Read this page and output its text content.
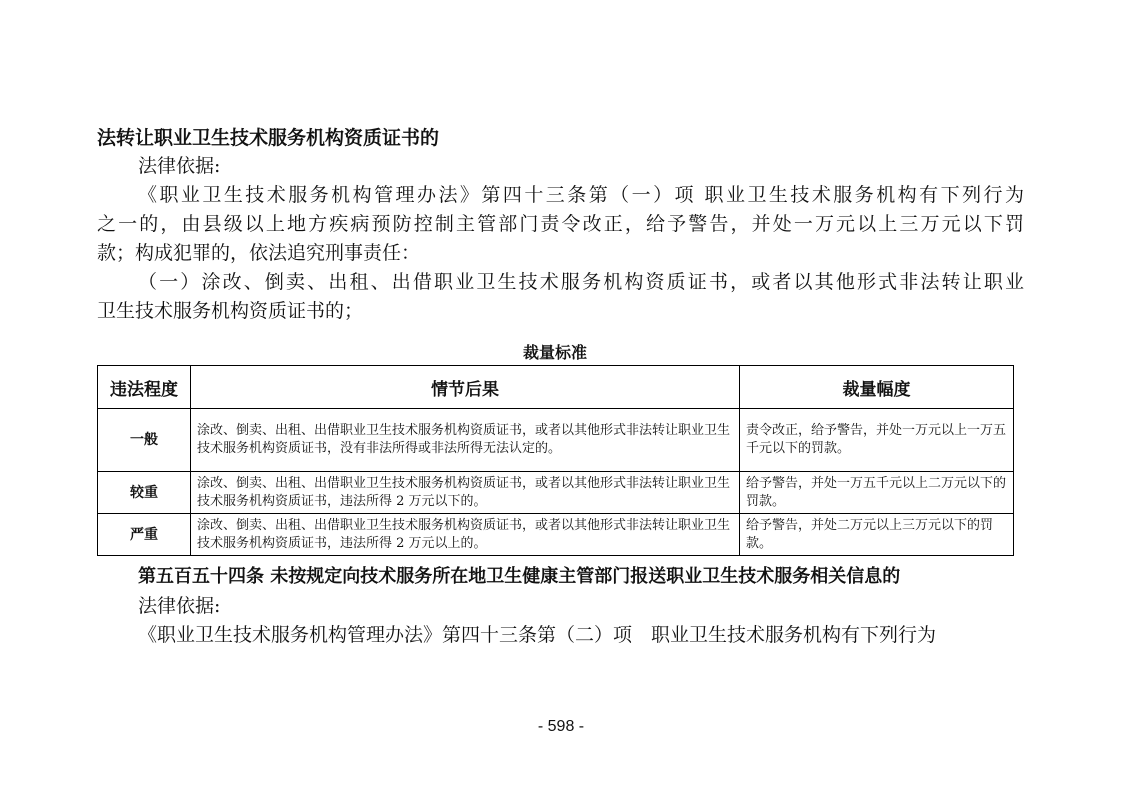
法转让职业卫生技术服务机构资质证书的
法律依据:
《职业卫生技术服务机构管理办法》第四十三条第（一）项 职业卫生技术服务机构有下列行为
之一的，由县级以上地方疾病预防控制主管部门责令改正，给予警告，并处一万元以上三万元以下罚
款；构成犯罪的，依法追究刑事责任：
（一）涂改、倒卖、出租、出借职业卫生技术服务机构资质证书，或者以其他形式非法转让职业
卫生技术服务机构资质证书的；
裁量标准
违法程度	情节后果	裁量幅度
一般	涂改、倒卖、出租、出借职业卫生技术服务机构资质证书，或者以其他形式非法转让职业卫生技术服务机构资质证书，没有非法所得或非法所得无法认定的。	责令改正，给予警告，并处一万元以上一万五千元以下的罚款。
较重	涂改、倒卖、出租、出借职业卫生技术服务机构资质证书，或者以其他形式非法转让职业卫生技术服务机构资质证书，违法所得 2 万元以下的。	给予警告，并处一万五千元以上二万元以下的罚款。
严重	涂改、倒卖、出租、出借职业卫生技术服务机构资质证书，或者以其他形式非法转让职业卫生技术服务机构资质证书，违法所得 2 万元以上的。	给予警告，并处二万元以上三万元以下的罚款。
第五百五十四条 未按规定向技术服务所在地卫生健康主管部门报送职业卫生技术服务相关信息的
法律依据:
《职业卫生技术服务机构管理办法》第四十三条第（二）项　职业卫生技术服务机构有下列行为
- 598 -
